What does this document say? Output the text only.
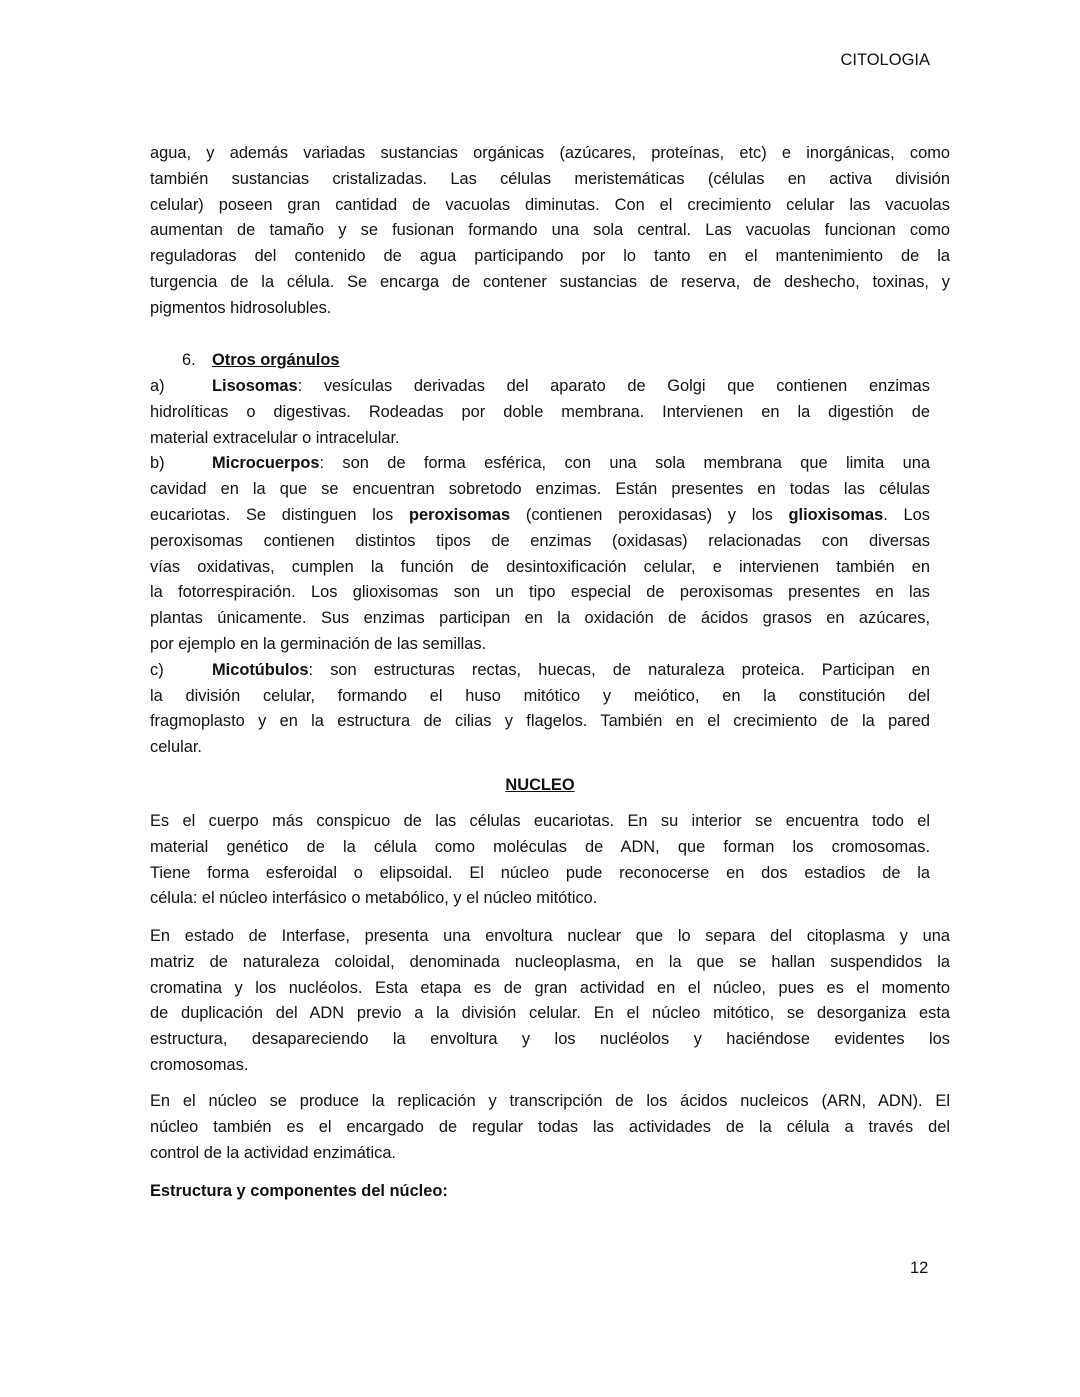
CITOLOGIA
6. Otros orgánulos
NUCLEO
agua, y además variadas sustancias orgánicas (azúcares, proteínas, etc) e inorgánicas, como
también sustancias cristalizadas. Las células meristemáticas (células en activa división
celular) poseen gran cantidad de vacuolas diminutas. Con el crecimiento celular las vacuolas
aumentan de tamaño y se fusionan formando una sola central. Las vacuolas funcionan como
reguladoras del contenido de agua participando por lo tanto en el mantenimiento de la
turgencia de la célula. Se encarga de contener sustancias de reserva, de deshecho, toxinas, y
pigmentos hidrosolubles.
a)	Lisosomas: vesículas derivadas del aparato de Golgi que contienen enzimas
hidrolíticas o digestivas. Rodeadas por doble membrana. Intervienen en la digestión de
material extracelular o intracelular.
b)	Microcuerpos: son de forma esférica, con una sola membrana que limita una
cavidad en la que se encuentran sobretodo enzimas. Están presentes en todas las células
eucariotas. Se distinguen los peroxisomas (contienen peroxidasas) y los glioxisomas. Los
peroxisomas contienen distintos tipos de enzimas (oxidasas) relacionadas con diversas
vías oxidativas, cumplen la función de desintoxificación celular, e intervienen también en
la fotorrespiración. Los glioxisomas son un tipo especial de peroxisomas presentes en las
plantas únicamente. Sus enzimas participan en la oxidación de ácidos grasos en azúcares,
por ejemplo en la germinación de las semillas.
c)	Micotúbulos: son estructuras rectas, huecas, de naturaleza proteica. Participan en
la división celular, formando el huso mitótico y meiótico, en la constitución del
fragmoplasto y en la estructura de cilias y flagelos. También en el crecimiento de la pared
celular.
Es el cuerpo más conspicuo de las células eucariotas. En su interior se encuentra todo el
material genético de la célula como moléculas de ADN, que forman los cromosomas.
Tiene forma esferoidal o elipsoidal. El núcleo pude reconocerse en dos estadios de la
célula: el núcleo interfásico o metabólico, y el núcleo mitótico.
En estado de Interfase, presenta una envoltura nuclear que lo separa del citoplasma y una
matriz de naturaleza coloidal, denominada nucleoplasma, en la que se hallan suspendidos la
cromatina y los nucléolos. Esta etapa es de gran actividad en el núcleo, pues es el momento
de duplicación del ADN previo a la división celular. En el núcleo mitótico, se desorganiza esta
estructura, desapareciendo la envoltura y los nucléolos y haciéndose evidentes los
cromosomas.
En el núcleo se produce la replicación y transcripción de los ácidos nucleicos (ARN, ADN). El
núcleo también es el encargado de regular todas las actividades de la célula a través del
control de la actividad enzimática.
Estructura y componentes del núcleo:
12
